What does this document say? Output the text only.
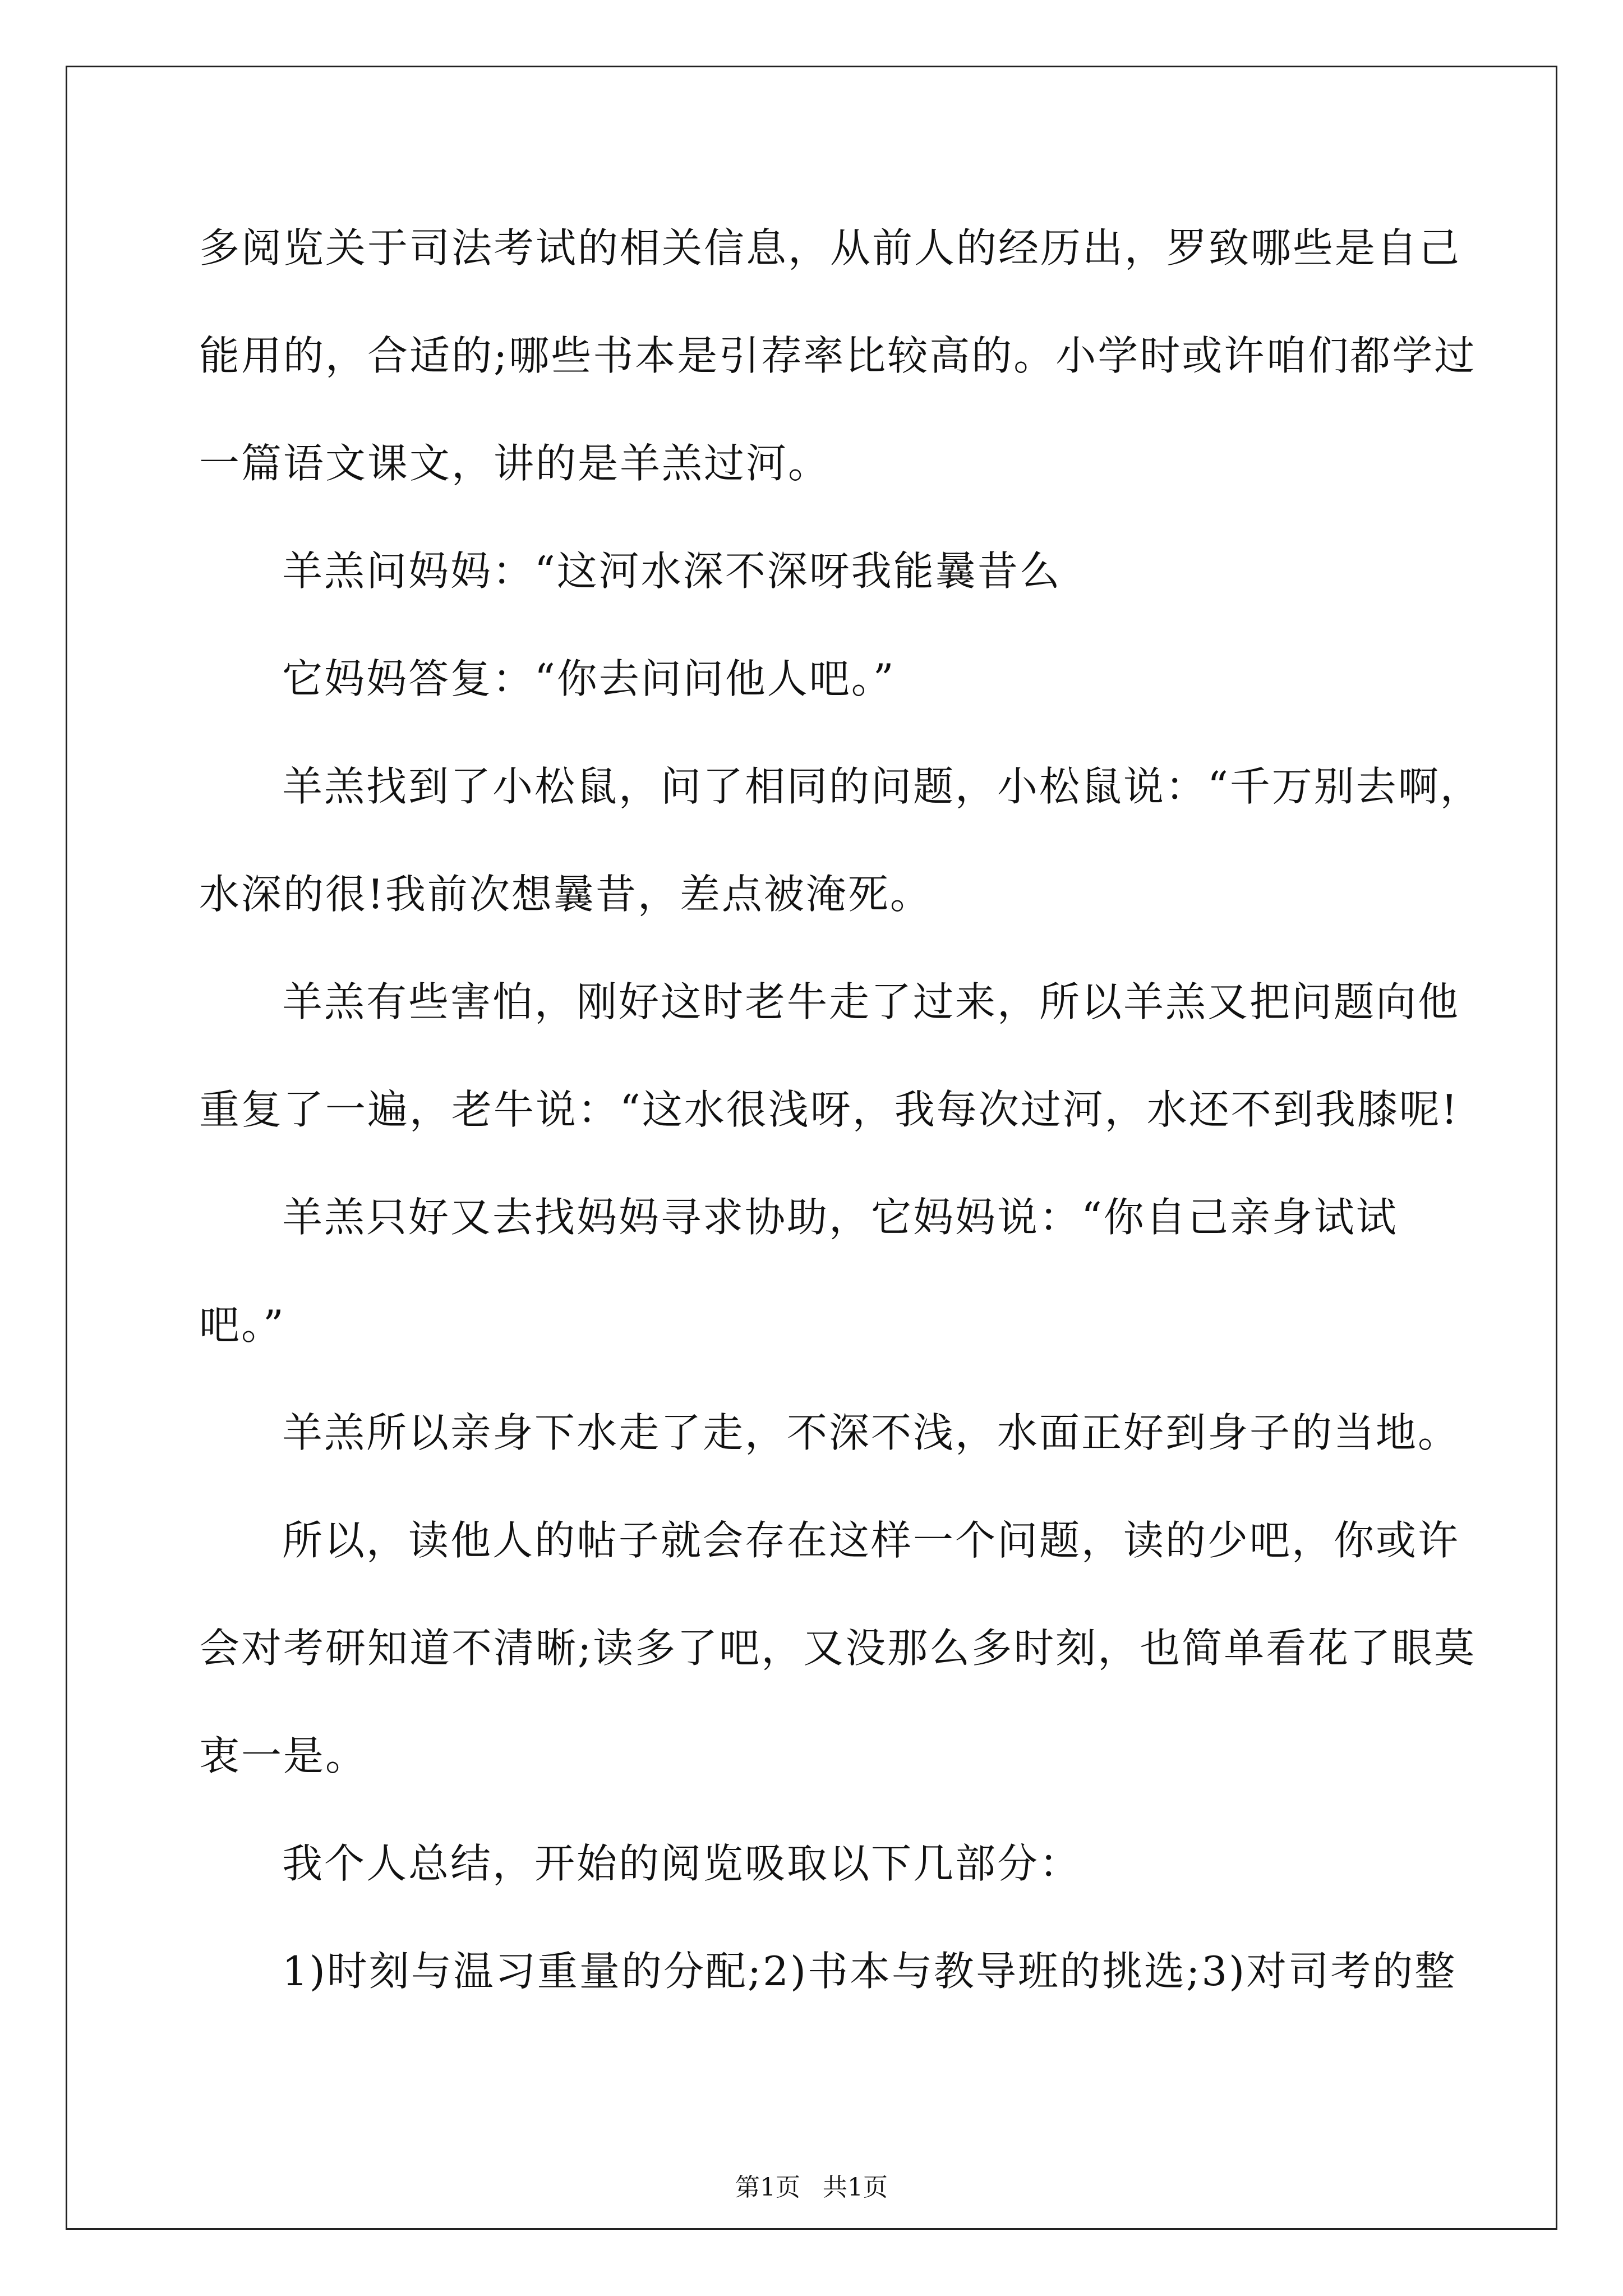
多阅览关于司法考试的相关信息，从前人的经历出，罗致哪些是自己
能用的，合适的;哪些书本是引荐率比较高的。小学时或许咱们都学过
一篇语文课文，讲的是羊羔过河。
羊羔问妈妈：“这河水深不深呀我能曩昔么
它妈妈答复：“你去问问他人吧。”
羊羔找到了小松鼠，问了相同的问题，小松鼠说：“千万别去啊，
水深的很!我前次想曩昔，差点被淹死。
羊羔有些害怕，刚好这时老牛走了过来，所以羊羔又把问题向他
重复了一遍，老牛说：“这水很浅呀，我每次过河，水还不到我膝呢!
羊羔只好又去找妈妈寻求协助，它妈妈说：“你自己亲身试试
吧。”
羊羔所以亲身下水走了走，不深不浅，水面正好到身子的当地。
所以，读他人的帖子就会存在这样一个问题，读的少吧，你或许
会对考研知道不清晰;读多了吧，又没那么多时刻，也简单看花了眼莫
衷一是。
我个人总结，开始的阅览吸取以下几部分：
1)时刻与温习重量的分配;2)书本与教导班的挑选;3)对司考的整
第1页 共1页
